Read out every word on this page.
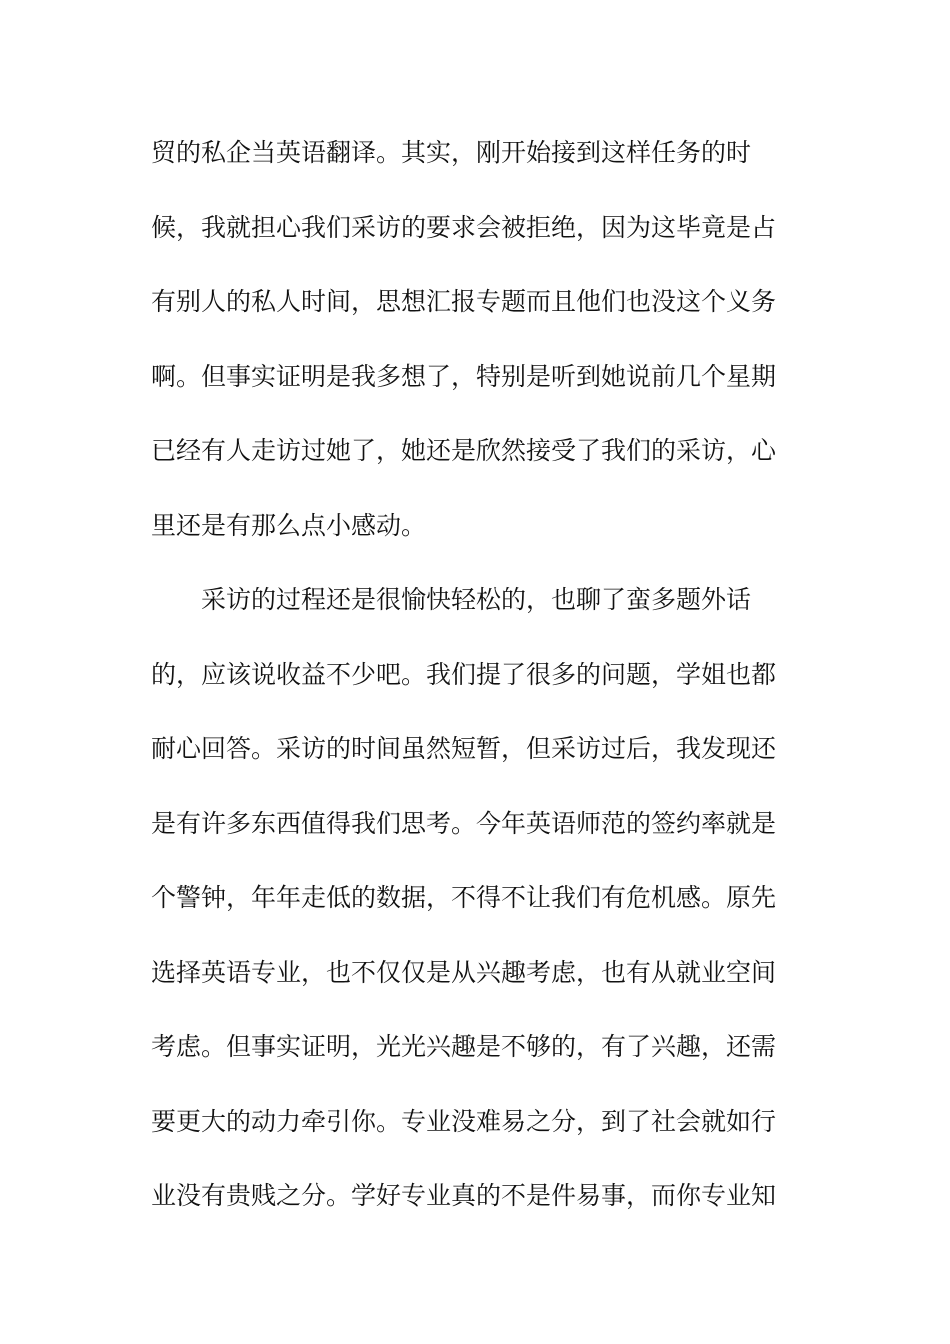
贸的私企当英语翻译。其实，刚开始接到这样任务的时
候，我就担心我们采访的要求会被拒绝，因为这毕竟是占
有别人的私人时间，思想汇报专题而且他们也没这个义务
啊。但事实证明是我多想了，特别是听到她说前几个星期
已经有人走访过她了，她还是欣然接受了我们的采访，心
里还是有那么点小感动。
　　采访的过程还是很愉快轻松的，也聊了蛮多题外话
的，应该说收益不少吧。我们提了很多的问题，学姐也都
耐心回答。采访的时间虽然短暂，但采访过后，我发现还
是有许多东西值得我们思考。今年英语师范的签约率就是
个警钟，年年走低的数据，不得不让我们有危机感。原先
选择英语专业，也不仅仅是从兴趣考虑，也有从就业空间
考虑。但事实证明，光光兴趣是不够的，有了兴趣，还需
要更大的动力牵引你。专业没难易之分，到了社会就如行
业没有贵贱之分。学好专业真的不是件易事，而你专业知
